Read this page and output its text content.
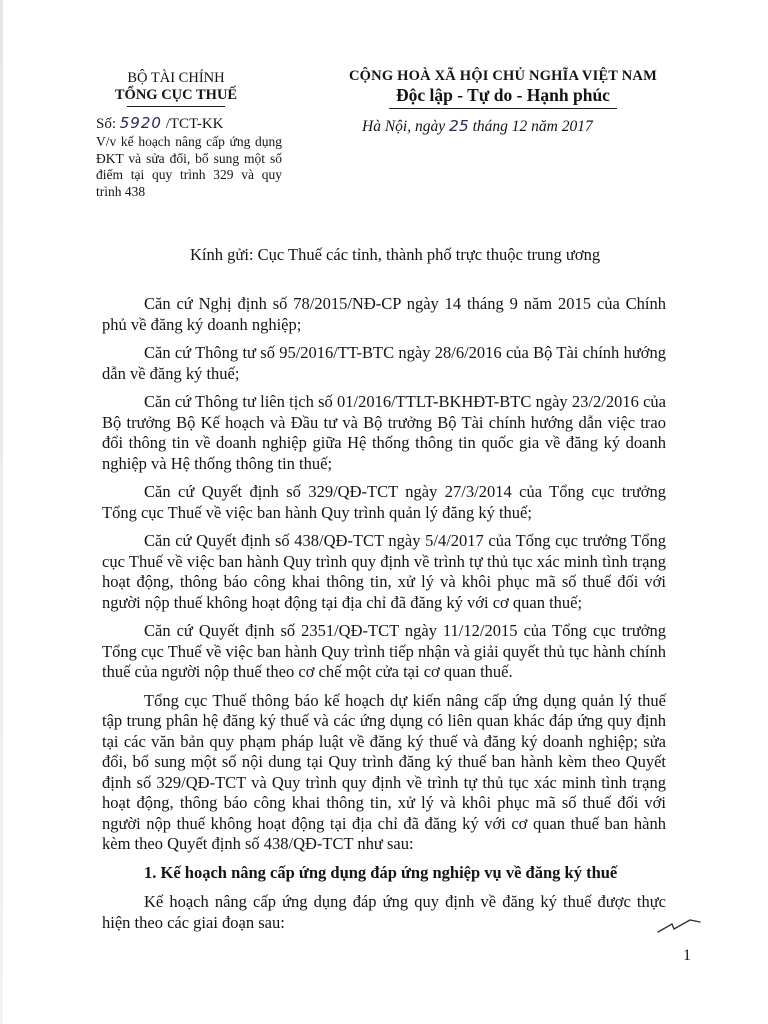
BỘ TÀI CHÍNH
TỔNG CỤC THUẾ
CỘNG HOÀ XÃ HỘI CHỦ NGHĨA VIỆT NAM
Độc lập - Tự do - Hạnh phúc
Số: 5920 /TCT-KK	Hà Nội, ngày 25 tháng 12 năm 2017
V/v kế hoạch nâng cấp ứng dụng ĐKT và sửa đổi, bổ sung một số điểm tại quy trình 329 và quy trình 438
Kính gửi: Cục Thuế các tỉnh, thành phố trực thuộc trung ương

Căn cứ Nghị định số 78/2015/NĐ-CP ngày 14 tháng 9 năm 2015 của Chính phủ về đăng ký doanh nghiệp;

Căn cứ Thông tư số 95/2016/TT-BTC ngày 28/6/2016 của Bộ Tài chính hướng dẫn về đăng ký thuế;

Căn cứ Thông tư liên tịch số 01/2016/TTLT-BKHĐT-BTC ngày 23/2/2016 của Bộ trưởng Bộ Kế hoạch và Đầu tư và Bộ trưởng Bộ Tài chính hướng dẫn việc trao đổi thông tin về doanh nghiệp giữa Hệ thống thông tin quốc gia về đăng ký doanh nghiệp và Hệ thống thông tin thuế;

Căn cứ Quyết định số 329/QĐ-TCT ngày 27/3/2014 của Tổng cục trưởng Tổng cục Thuế về việc ban hành Quy trình quản lý đăng ký thuế;

Căn cứ Quyết định số 438/QĐ-TCT ngày 5/4/2017 của Tổng cục trưởng Tổng cục Thuế về việc ban hành Quy trình quy định về trình tự thủ tục xác minh tình trạng hoạt động, thông báo công khai thông tin, xử lý và khôi phục mã số thuế đối với người nộp thuế không hoạt động tại địa chỉ đã đăng ký với cơ quan thuế;

Căn cứ Quyết định số 2351/QĐ-TCT ngày 11/12/2015 của Tổng cục trưởng Tổng cục Thuế về việc ban hành Quy trình tiếp nhận và giải quyết thủ tục hành chính thuế của người nộp thuế theo cơ chế một cửa tại cơ quan thuế.

Tổng cục Thuế thông báo kế hoạch dự kiến nâng cấp ứng dụng quản lý thuế tập trung phân hệ đăng ký thuế và các ứng dụng có liên quan khác đáp ứng quy định tại các văn bản quy phạm pháp luật về đăng ký thuế và đăng ký doanh nghiệp; sửa đổi, bổ sung một số nội dung tại Quy trình đăng ký thuế ban hành kèm theo Quyết định số 329/QĐ-TCT và Quy trình quy định về trình tự thủ tục xác minh tình trạng hoạt động, thông báo công khai thông tin, xử lý và khôi phục mã số thuế đối với người nộp thuế không hoạt động tại địa chỉ đã đăng ký với cơ quan thuế ban hành kèm theo Quyết định số 438/QĐ-TCT như sau:

1. Kế hoạch nâng cấp ứng dụng đáp ứng nghiệp vụ về đăng ký thuế

Kế hoạch nâng cấp ứng dụng đáp ứng quy định về đăng ký thuế được thực hiện theo các giai đoạn sau:

1
